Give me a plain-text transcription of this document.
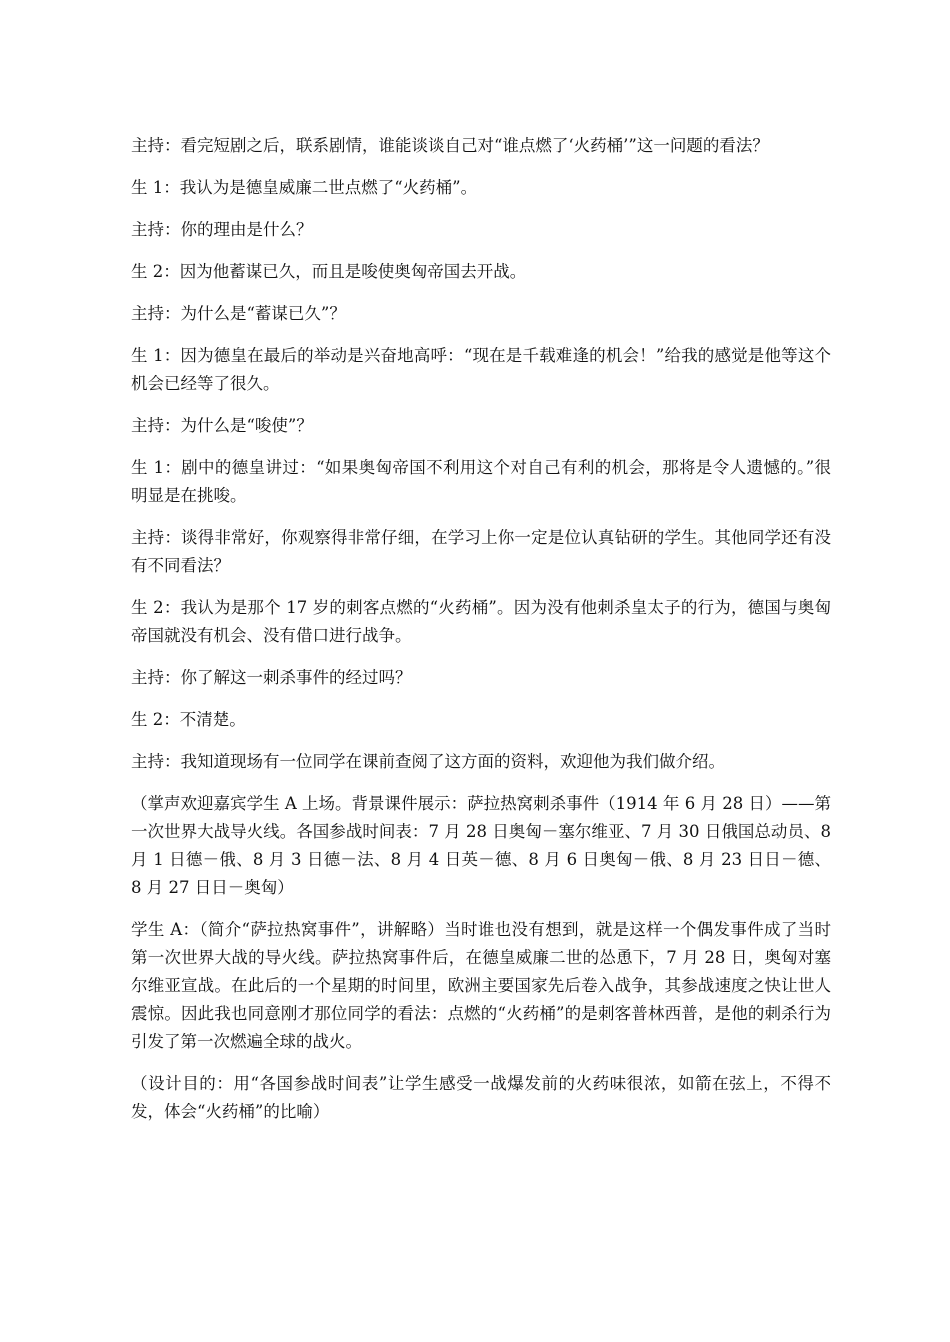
主持：看完短剧之后，联系剧情，谁能谈谈自己对“谁点燃了‘火药桶’”这一问题的看法？

生 1：我认为是德皇威廉二世点燃了“火药桶”。

主持：你的理由是什么？

生 2：因为他蓄谋已久，而且是唆使奥匈帝国去开战。

主持：为什么是“蓄谋已久”？

生 1：因为德皇在最后的举动是兴奋地高呼：“现在是千载难逢的机会！”给我的感觉是他等这个机会已经等了很久。

主持：为什么是“唆使”？

生 1：剧中的德皇讲过：“如果奥匈帝国不利用这个对自己有利的机会，那将是令人遗憾的。”很明显是在挑唆。

主持：谈得非常好，你观察得非常仔细，在学习上你一定是位认真钻研的学生。其他同学还有没有不同看法？

生 2：我认为是那个 17 岁的刺客点燃的“火药桶”。因为没有他刺杀皇太子的行为，德国与奥匈帝国就没有机会、没有借口进行战争。

主持：你了解这一刺杀事件的经过吗？

生 2：不清楚。

主持：我知道现场有一位同学在课前查阅了这方面的资料，欢迎他为我们做介绍。

（掌声欢迎嘉宾学生 A 上场。背景课件展示：萨拉热窝刺杀事件（1914 年 6 月 28 日）——第一次世界大战导火线。各国参战时间表：7 月 28 日奥匈－塞尔维亚、7 月 30 日俄国总动员、8 月 1 日德－俄、8 月 3 日德－法、8 月 4 日英－德、8 月 6 日奥匈－俄、8 月 23 日日－德、8 月 27 日日－奥匈）

学生 A：（简介“萨拉热窝事件”，讲解略）当时谁也没有想到，就是这样一个偶发事件成了当时第一次世界大战的导火线。萨拉热窝事件后，在德皇威廉二世的怂恿下，7 月 28 日，奥匈对塞尔维亚宣战。在此后的一个星期的时间里，欧洲主要国家先后卷入战争，其参战速度之快让世人震惊。因此我也同意刚才那位同学的看法：点燃的“火药桶”的是刺客普林西普，是他的刺杀行为引发了第一次燃遍全球的战火。

（设计目的：用“各国参战时间表”让学生感受一战爆发前的火药味很浓，如箭在弦上，不得不发，体会“火药桶”的比喻）
